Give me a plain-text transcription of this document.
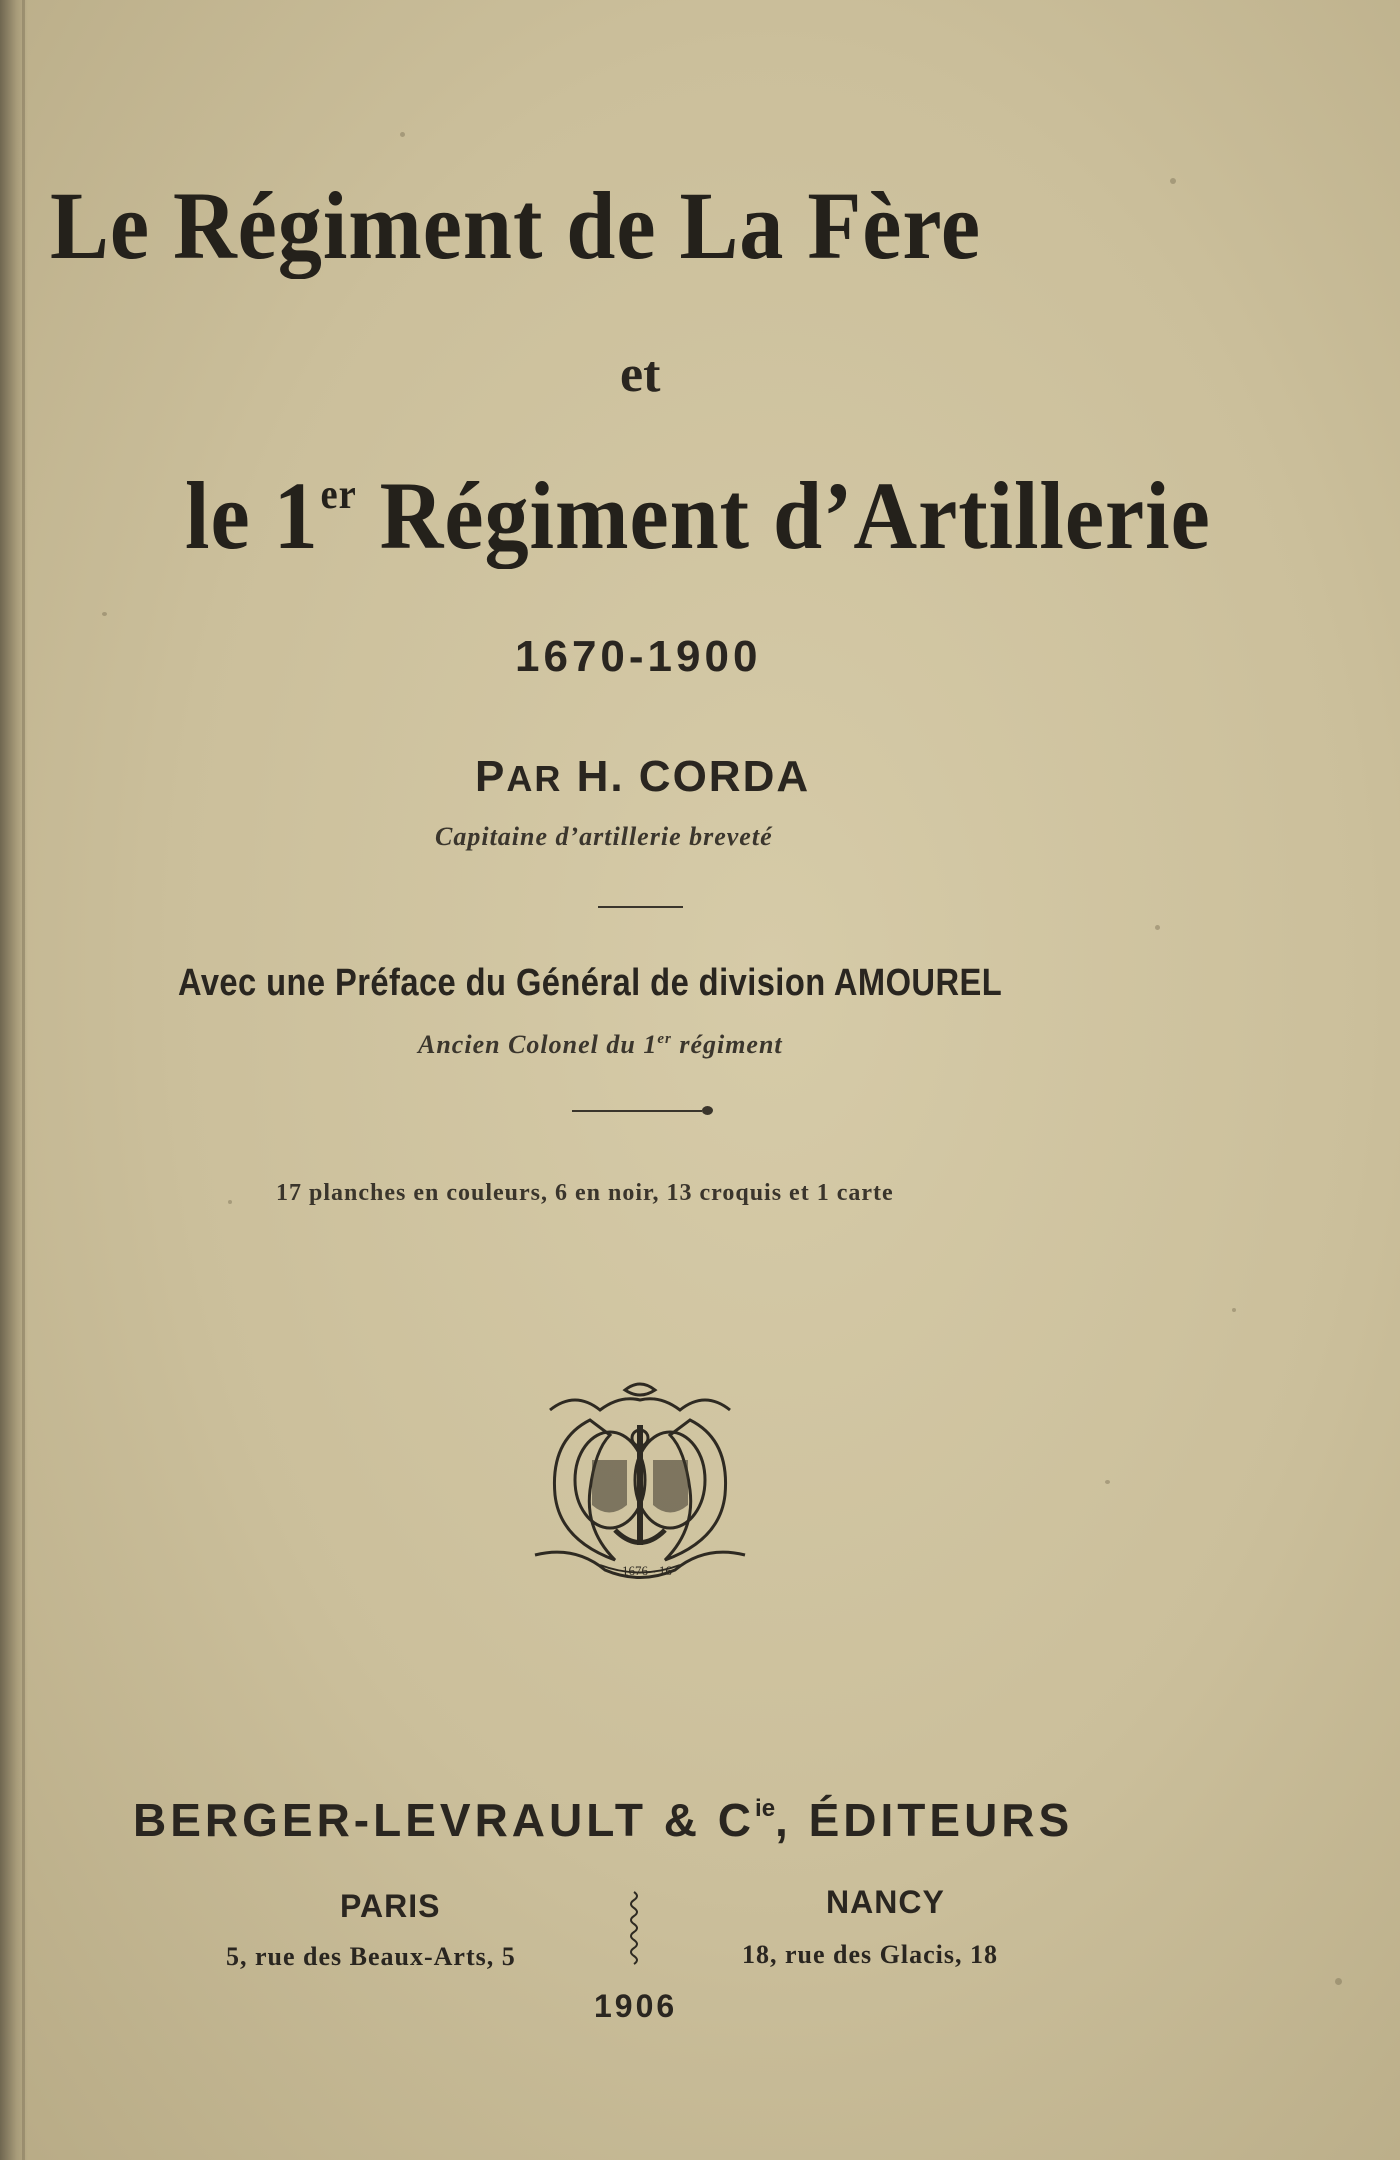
Le Régiment de La Fère
et
le 1er Régiment d’Artillerie
1670-1900
PAR H. CORDA
Capitaine d’artillerie breveté
Avec une Préface du Général de division AMOUREL
Ancien Colonel du 1er régiment
17 planches en couleurs, 6 en noir, 13 croquis et 1 carte
1676 - 16
BERGER-LEVRAULT & $C^{ie}$, ÉDITEURS
PARIS	NANCY
5, rue des Beaux-Arts, 5	18, rue des Glacis, 18
1906
